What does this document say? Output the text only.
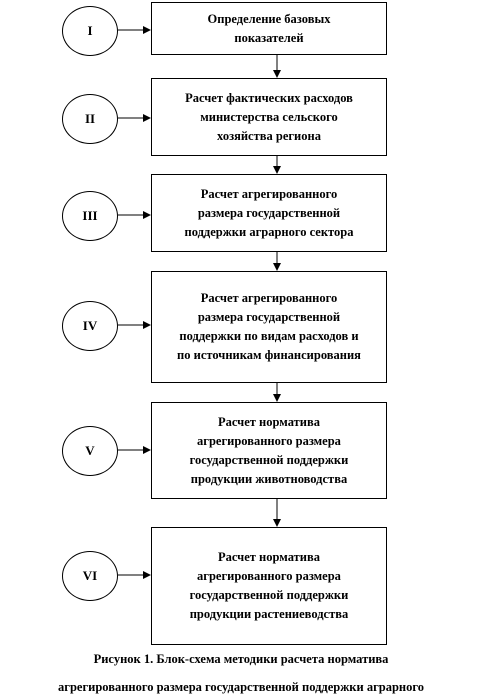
I
Определение базовых
показателей
II
Расчет фактических расходов
министерства сельского
хозяйства региона
III
Расчет агрегированного
размера государственной
поддержки аграрного сектора
IV
Расчет агрегированного
размера государственной
поддержки по видам расходов и
по источникам финансирования
V
Расчет норматива
агрегированного размера
государственной поддержки
продукции животноводства
VI
Расчет норматива
агрегированного размера
государственной поддержки
продукции растениеводства
Рисунок 1. Блок-схема методики расчета норматива
агрегированного размера государственной поддержки аграрного
